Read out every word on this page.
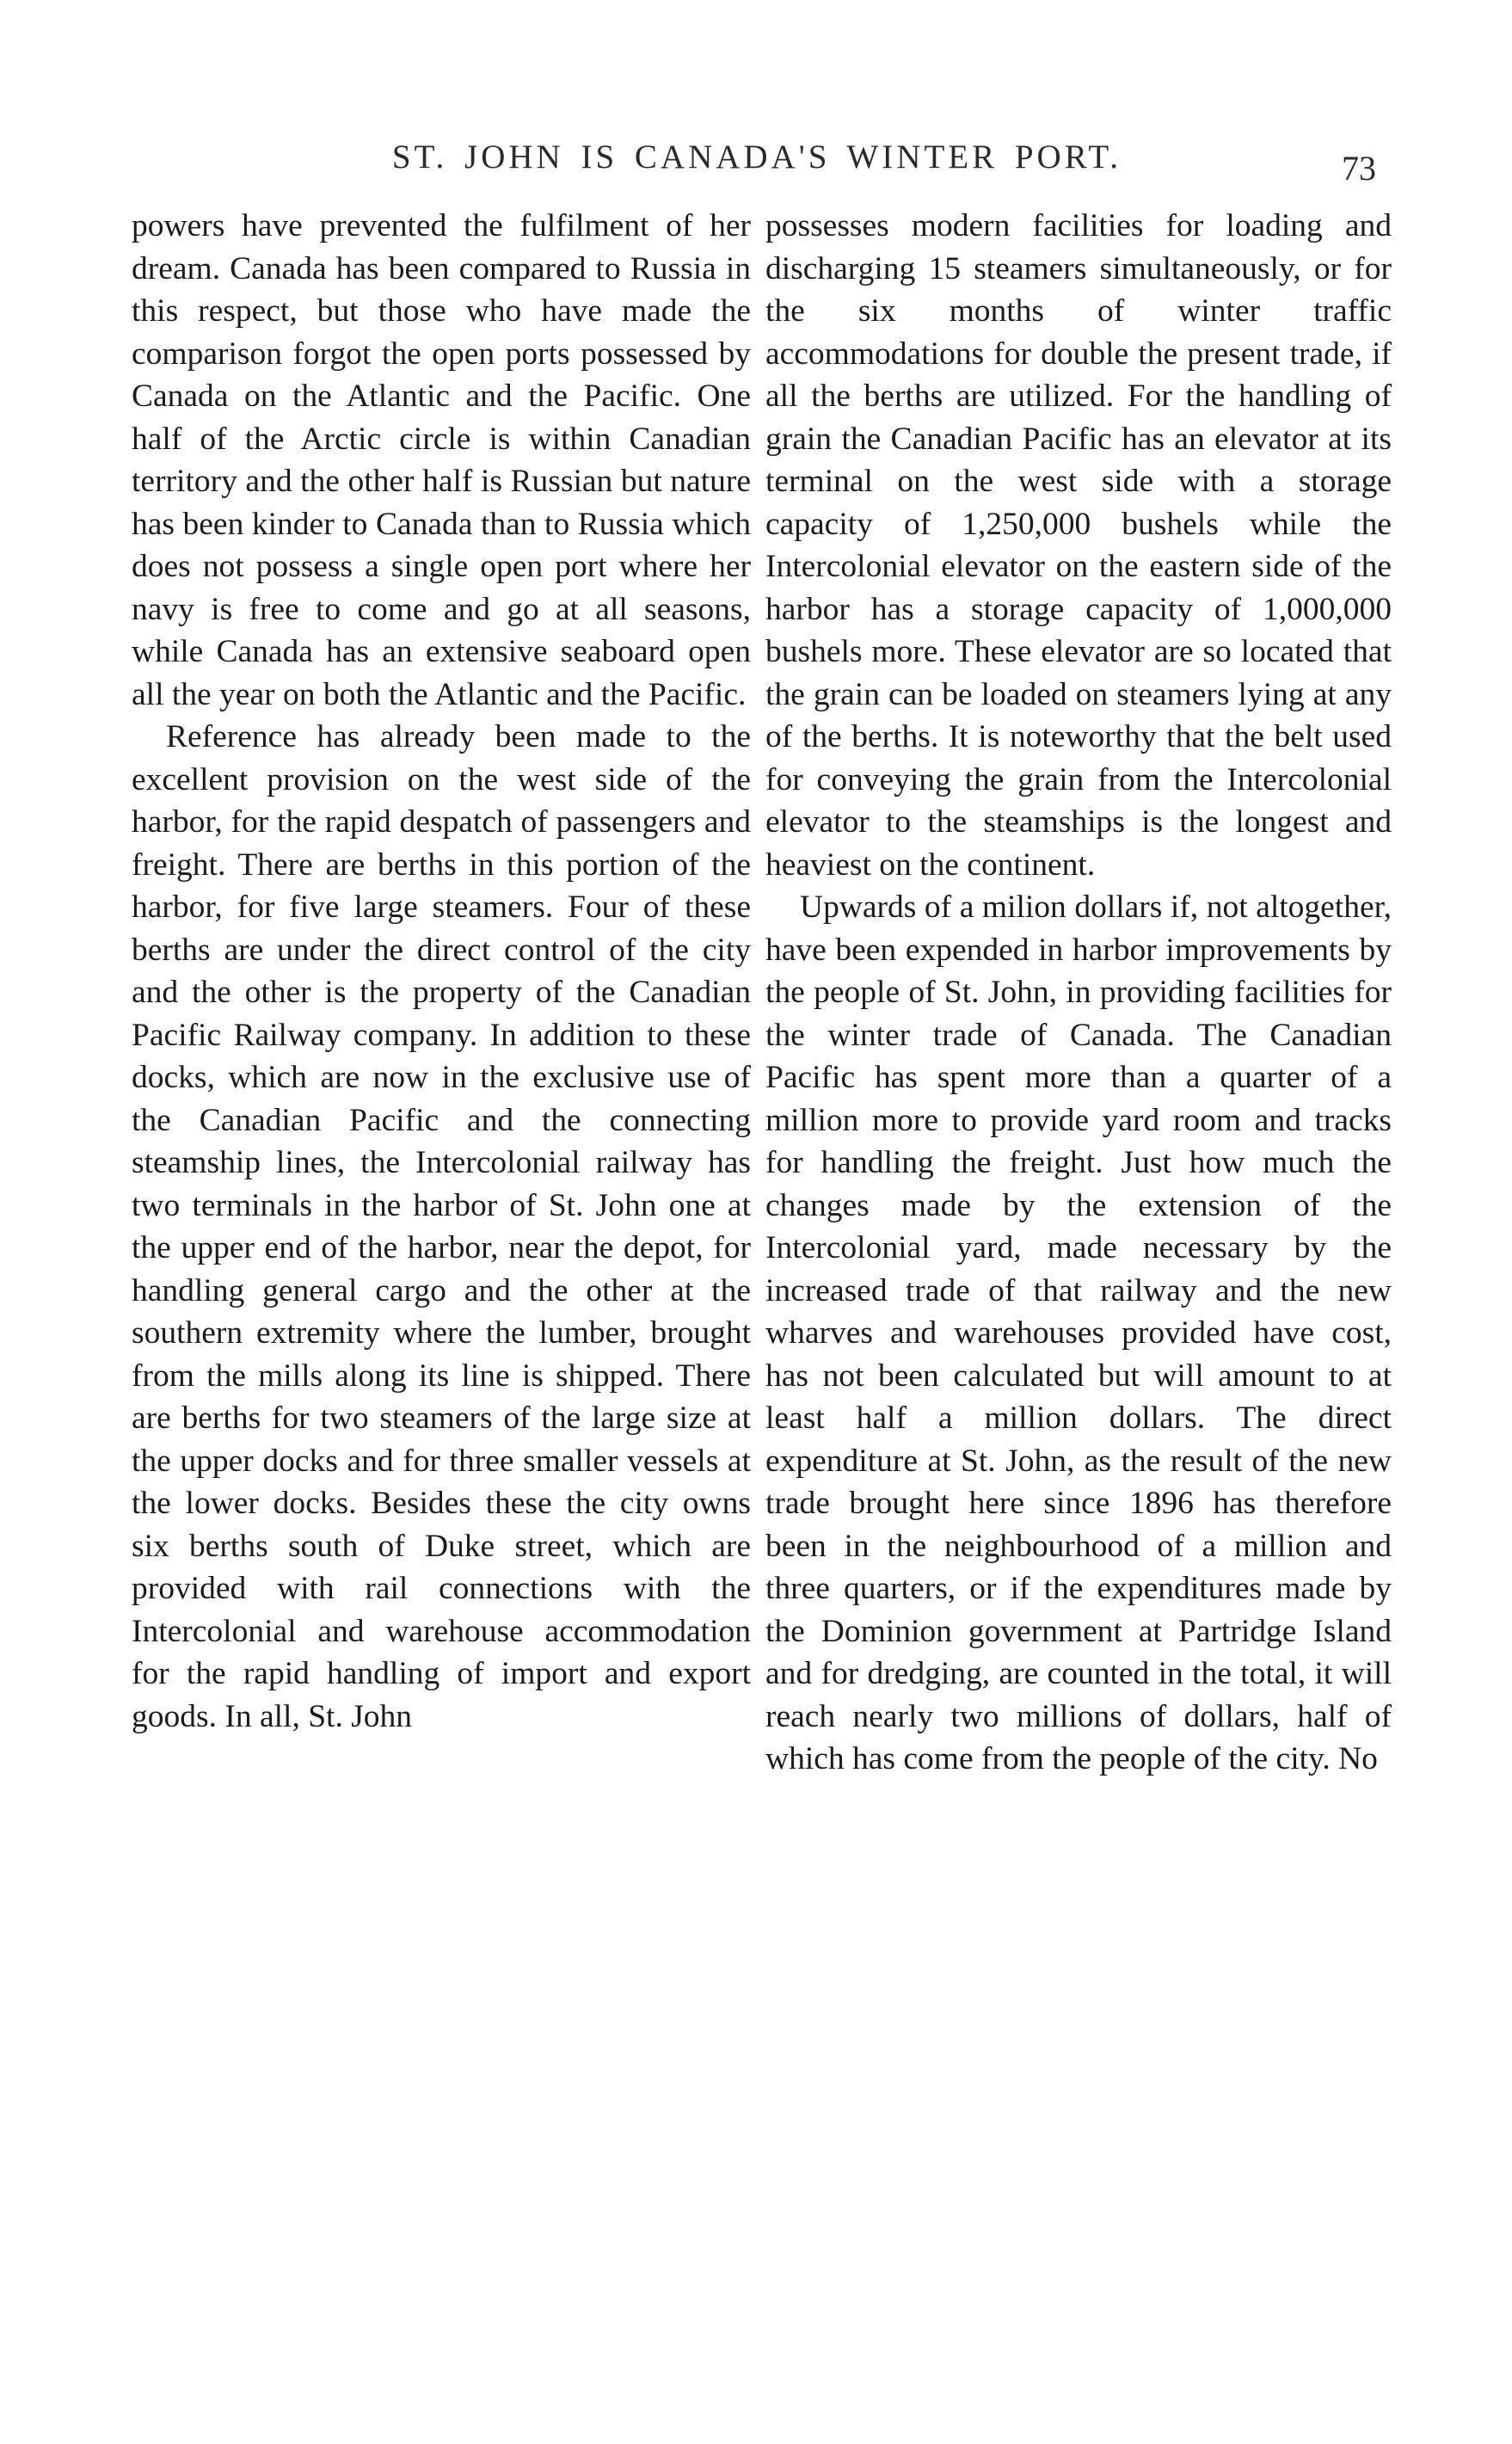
ST. JOHN IS CANADA'S WINTER PORT.	73

powers have prevented the fulfilment of her dream. Canada has been compared to Russia in this respect, but those who have made the comparison forgot the open ports possessed by Canada on the Atlantic and the Pacific. One half of the Arctic circle is within Canadian territory and the other half is Russian but nature has been kinder to Canada than to Russia which does not possess a single open port where her navy is free to come and go at all seasons, while Canada has an extensive seaboard open all the year on both the Atlantic and the Pacific.

Reference has already been made to the excellent provision on the west side of the harbor, for the rapid despatch of passengers and freight. There are berths in this portion of the harbor, for five large steamers. Four of these berths are under the direct control of the city and the other is the property of the Canadian Pacific Railway company. In addition to these docks, which are now in the exclusive use of the Canadian Pacific and the connecting steamship lines, the Intercolonial railway has two terminals in the harbor of St. John one at the upper end of the harbor, near the depot, for handling general cargo and the other at the southern extremity where the lumber, brought from the mills along its line is shipped. There are berths for two steamers of the large size at the upper docks and for three smaller vessels at the lower docks. Besides these the city owns six berths south of Duke street, which are provided with rail connections with the Intercolonial and warehouse accommodation for the rapid handling of import and export goods. In all, St. John

possesses modern facilities for loading and discharging 15 steamers simultaneously, or for the six months of winter traffic accommodations for double the present trade, if all the berths are utilized. For the handling of grain the Canadian Pacific has an elevator at its terminal on the west side with a storage capacity of 1,250,000 bushels while the Intercolonial elevator on the eastern side of the harbor has a storage capacity of 1,000,000 bushels more. These elevator are so located that the grain can be loaded on steamers lying at any of the berths. It is noteworthy that the belt used for conveying the grain from the Intercolonial elevator to the steamships is the longest and heaviest on the continent.

Upwards of a milion dollars if, not altogether, have been expended in harbor improvements by the people of St. John, in providing facilities for the winter trade of Canada. The Canadian Pacific has spent more than a quarter of a million more to provide yard room and tracks for handling the freight. Just how much the changes made by the extension of the Intercolonial yard, made necessary by the increased trade of that railway and the new wharves and warehouses provided have cost, has not been calculated but will amount to at least half a million dollars. The direct expenditure at St. John, as the result of the new trade brought here since 1896 has therefore been in the neighbourhood of a million and three quarters, or if the expenditures made by the Dominion government at Partridge Island and for dredging, are counted in the total, it will reach nearly two millions of dollars, half of which has come from the people of the city. No
